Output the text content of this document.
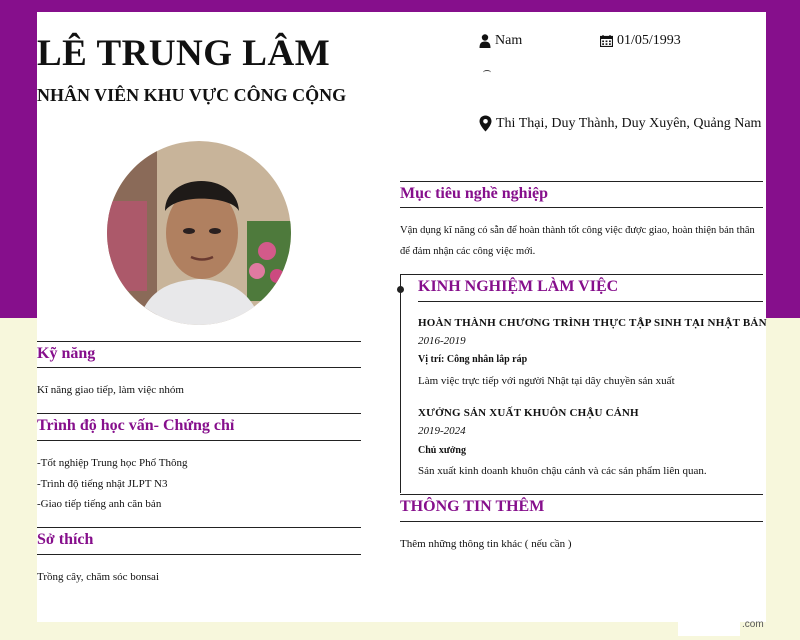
LÊ TRUNG LÂM
NHÂN VIÊN KHU VỰC CÔNG CỘNG
Nam	01/05/1993
Thi Thại, Duy Thành, Duy Xuyên, Quảng Nam
Kỹ năng
Kĩ năng giao tiếp, làm việc nhóm
Trình độ học vấn- Chứng chỉ
-Tốt nghiệp Trung học Phổ Thông
-Trình độ tiếng nhật JLPT N3
-Giao tiếp tiếng anh căn bản
Sở thích
Trồng cây, chăm sóc bonsai
Mục tiêu nghề nghiệp
Vận dụng kĩ năng có sẵn để hoàn thành tốt công việc được giao, hoàn thiện bản thân để đảm nhận các công việc mới.
KINH NGHIỆM LÀM VIỆC
HOÀN THÀNH CHƯƠNG TRÌNH THỰC TẬP SINH TẠI NHẬT BẢN
2016-2019
Vị trí: Công nhân lắp ráp
Làm việc trực tiếp với người Nhật tại dây chuyền sản xuất
XƯỞNG SẢN XUẤT KHUÔN CHẬU CẢNH
2019-2024
Chủ xưởng
Sản xuất kinh doanh khuôn chậu cảnh và các sản phẩm liên quan.
THÔNG TIN THÊM
Thêm những thông tin khác ( nếu cần )
.com
